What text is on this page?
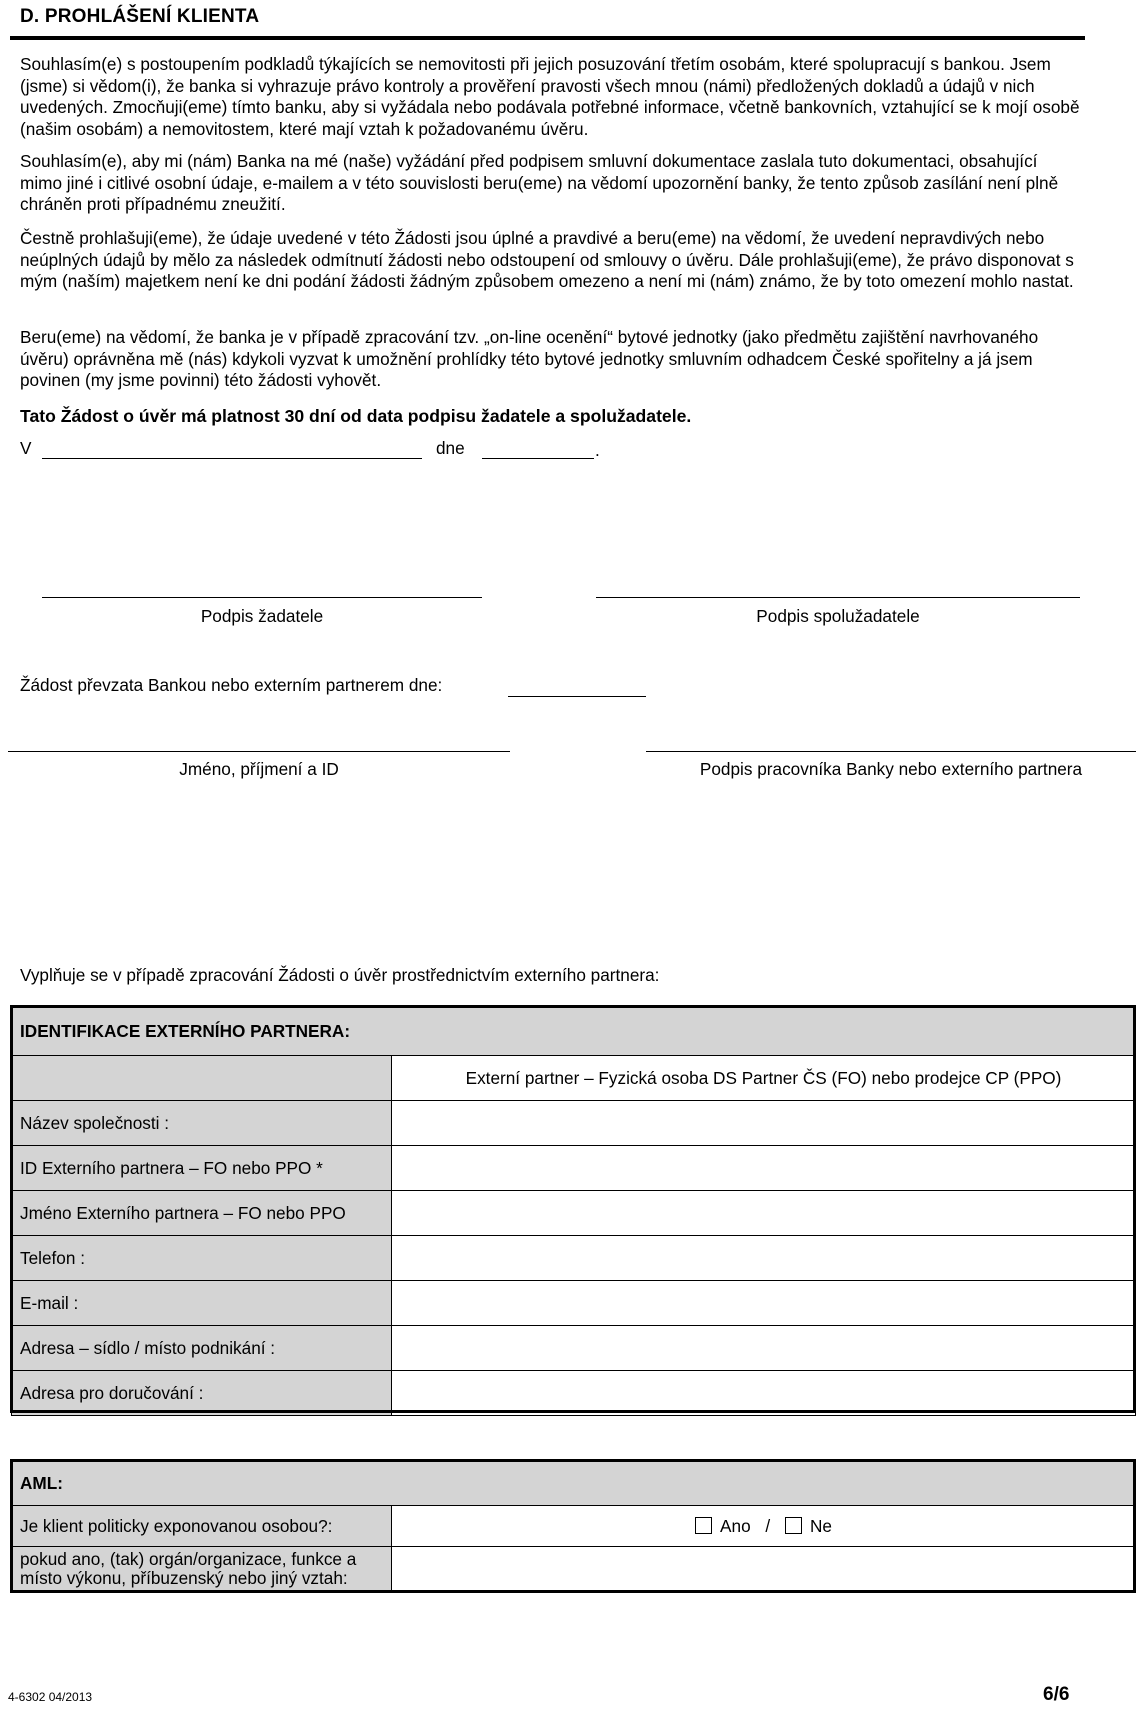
D. PROHLÁŠENÍ KLIENTA
Souhlasím(e) s postoupením podkladů týkajících se nemovitosti při jejich posuzování třetím osobám, které spolupracují s bankou. Jsem (jsme) si vědom(i), že banka si vyhrazuje právo kontroly a prověření pravosti všech mnou (námi) předložených dokladů a údajů v nich uvedených. Zmocňuji(eme) tímto banku, aby si vyžádala nebo podávala potřebné informace, včetně bankovních, vztahující se k mojí osobě (našim osobám) a nemovitostem, které mají vztah k požadovanému úvěru.
Souhlasím(e), aby mi (nám) Banka na mé (naše) vyžádání před podpisem smluvní dokumentace zaslala tuto dokumentaci, obsahující mimo jiné i citlivé osobní údaje, e-mailem a v této souvislosti beru(eme) na vědomí upozornění banky, že tento způsob zasílání není plně chráněn proti případnému zneužití.
Čestně prohlašuji(eme), že údaje uvedené v této Žádosti jsou úplné a pravdivé a beru(eme) na vědomí, že uvedení nepravdivých nebo neúplných údajů by mělo za následek odmítnutí žádosti nebo odstoupení od smlouvy o úvěru. Dále prohlašuji(eme), že právo disponovat s mým (naším) majetkem není ke dni podání žádosti žádným způsobem omezeno a není mi (nám) známo, že by toto omezení mohlo nastat.
Beru(eme) na vědomí, že banka je v případě zpracování tzv. „on-line ocenění“ bytové jednotky (jako předmětu zajištění navrhovaného úvěru) oprávněna mě (nás) kdykoli vyzvat k umožnění prohlídky této bytové jednotky smluvním odhadcem České spořitelny a já jsem povinen (my jsme povinni) této žádosti vyhovět.
Tato Žádost o úvěr má platnost 30 dní od data podpisu žadatele a spolužadatele.
V	dne	.
Podpis žadatele	Podpis spolužadatele
Žádost převzata Bankou nebo externím partnerem dne:
Jméno, příjmení a ID	Podpis pracovníka Banky nebo externího partnera
Vyplňuje se v případě zpracování Žádosti o úvěr prostřednictvím externího partnera:
IDENTIFIKACE EXTERNÍHO PARTNERA:	
	Externí partner – Fyzická osoba DS Partner ČS (FO) nebo prodejce CP (PPO)
Název společnosti :	
ID Externího partnera – FO nebo PPO *	
Jméno Externího partnera – FO nebo PPO	
Telefon :	
E-mail :	
Adresa – sídlo / místo podnikání :	
Adresa pro doručování :	
AML:	
Je klient politicky exponovanou osobou?:	Ano / Ne
pokud ano, (tak) orgán/organizace, funkce a místo výkonu, příbuzenský nebo jiný vztah:	
4-6302 04/2013	6/6
